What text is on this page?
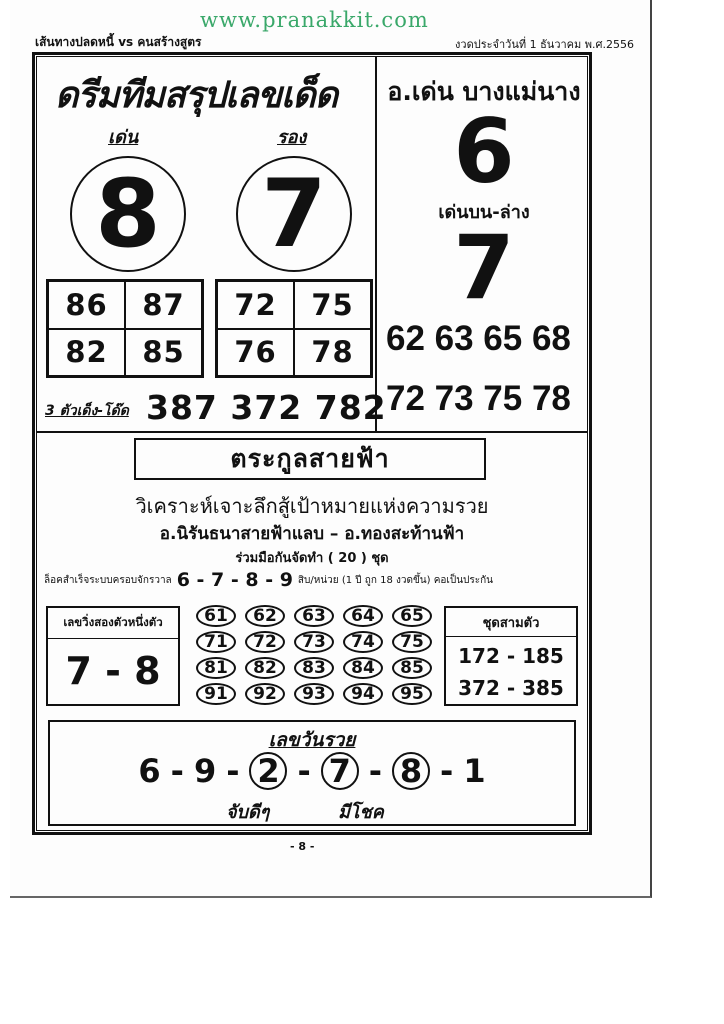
www.pranakkit.com
เส้นทางปลดหนี้ vs คนสร้างสูตร	งวดประจำวันที่ 1 ธันวาคม พ.ศ.2556
ดรีมทีมสรุปเลขเด็ด
เด่น	รอง
8 7
86	87
82	85
72	75
76	78
3 ตัวเด็ง-โด๊ด 387 372 782
อ.เด่น บางแม่นาง
6
เด่นบน-ล่าง
7
62 63 65 68
72 73 75 78
ตระกูลสายฟ้า
วิเคราะห์เจาะลึกสู้เป้าหมายแห่งความรวย
อ.นิรันธนาสายฟ้าแลบ – อ.ทองสะท้านฟ้า
ร่วมมือกันจัดทำ ( 20 ) ชุด
ล็อคสำเร็จระบบครอบจักรวาล 6 - 7 - 8 - 9 สิบ/หน่วย (1 ปี ถูก 18 งวดขึ้น) คอเป็นประกัน
เลขวิ่งสองตัวหนึ่งตัว
7 - 8
61	62	63	64	65
71	72	73	74	75
81	82	83	84	85
91	92	93	94	95
ชุดสามตัว
172 - 185
372 - 385
เลขวันรวย
6 - 9 - 2 - 7 - 8 - 1
จับดีๆ	มีโชค
- 8 -
